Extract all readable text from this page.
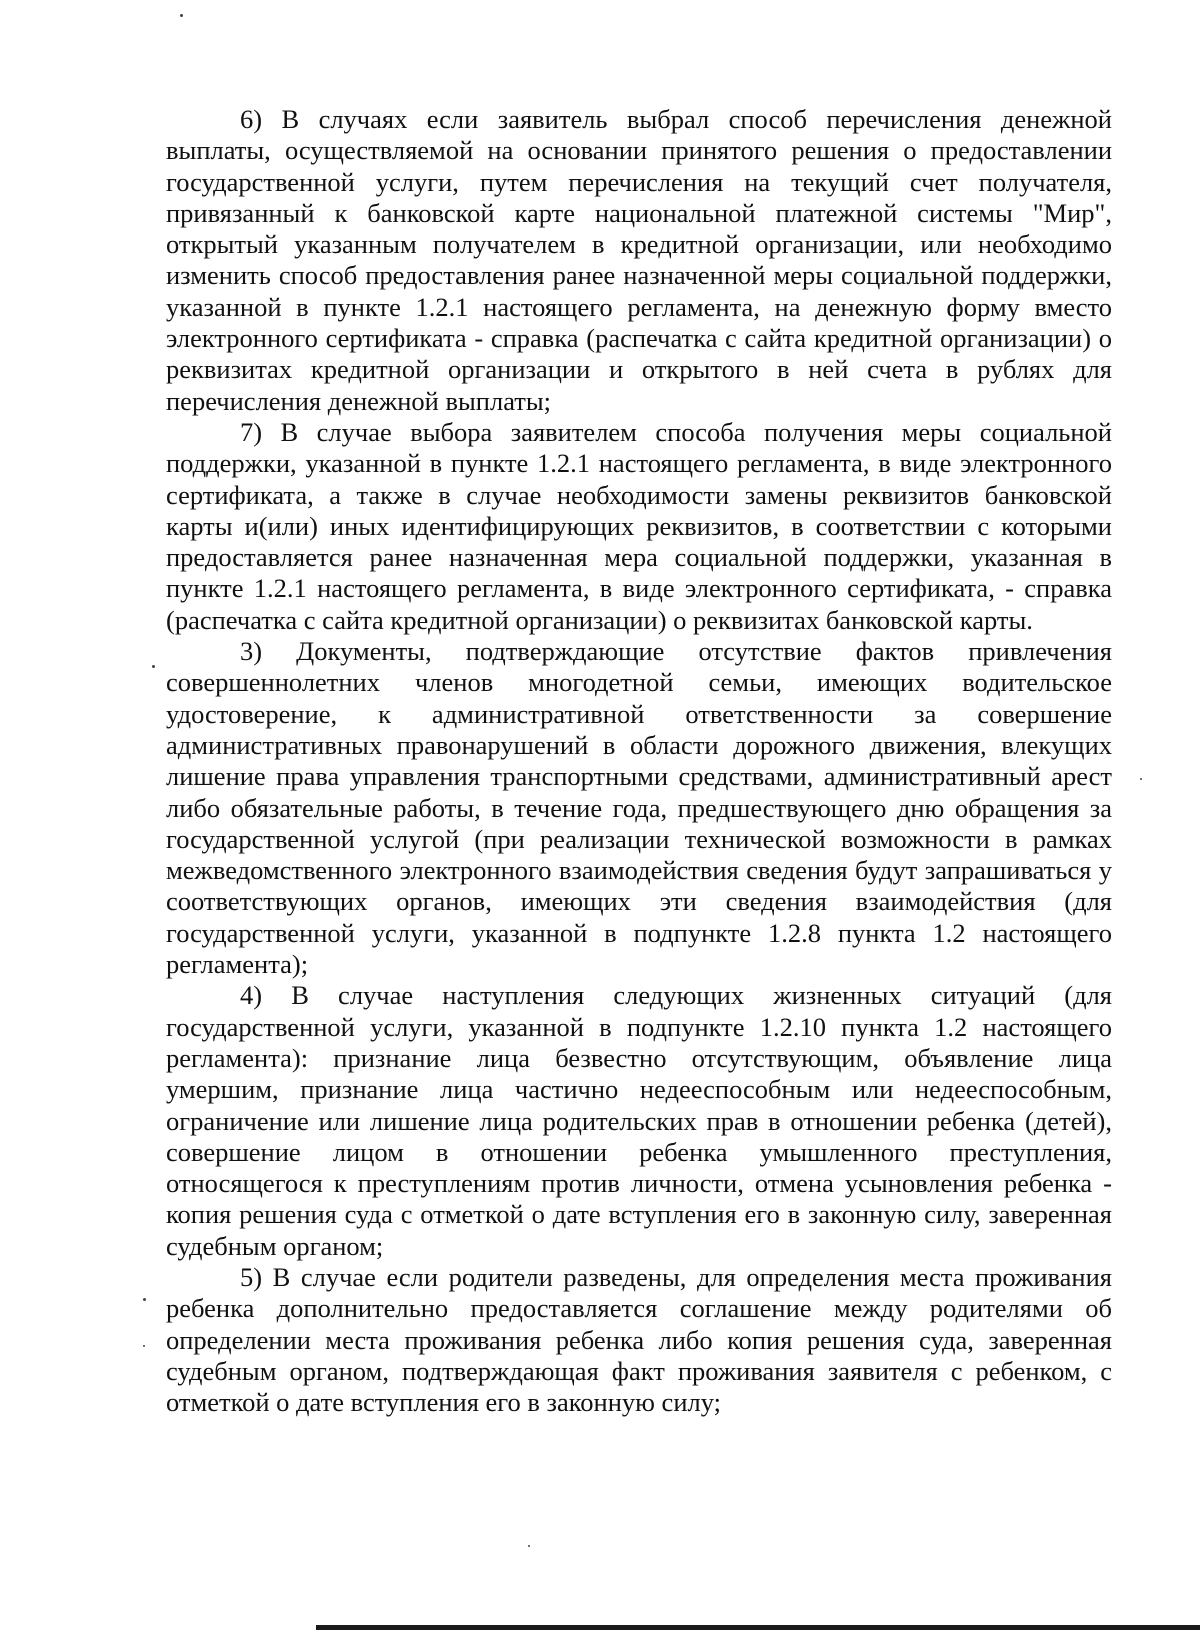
6) В случаях если заявитель выбрал способ перечисления денежной выплаты, осуществляемой на основании принятого решения о предоставлении государственной услуги, путем перечисления на текущий счет получателя, привязанный к банковской карте национальной платежной системы "Мир", открытый указанным получателем в кредитной организации, или необходимо изменить способ предоставления ранее назначенной меры социальной поддержки, указанной в пункте 1.2.1 настоящего регламента, на денежную форму вместо электронного сертификата - справка (распечатка с сайта кредитной организации) о реквизитах кредитной организации и открытого в ней счета в рублях для перечисления денежной выплаты;

7) В случае выбора заявителем способа получения меры социальной поддержки, указанной в пункте 1.2.1 настоящего регламента, в виде электронного сертификата, а также в случае необходимости замены реквизитов банковской карты и(или) иных идентифицирующих реквизитов, в соответствии с которыми предоставляется ранее назначенная мера социальной поддержки, указанная в пункте 1.2.1 настоящего регламента, в виде электронного сертификата, - справка (распечатка с сайта кредитной организации) о реквизитах банковской карты.

3) Документы, подтверждающие отсутствие фактов привлечения совершеннолетних членов многодетной семьи, имеющих водительское удостоверение, к административной ответственности за совершение административных правонарушений в области дорожного движения, влекущих лишение права управления транспортными средствами, административный арест либо обязательные работы, в течение года, предшествующего дню обращения за государственной услугой (при реализации технической возможности в рамках межведомственного электронного взаимодействия сведения будут запрашиваться у соответствующих органов, имеющих эти сведения взаимодействия (для государственной услуги, указанной в подпункте 1.2.8 пункта 1.2 настоящего регламента);

4) В случае наступления следующих жизненных ситуаций (для государственной услуги, указанной в подпункте 1.2.10 пункта 1.2 настоящего регламента): признание лица безвестно отсутствующим, объявление лица умершим, признание лица частично недееспособным или недееспособным, ограничение или лишение лица родительских прав в отношении ребенка (детей), совершение лицом в отношении ребенка умышленного преступления, относящегося к преступлениям против личности, отмена усыновления ребенка - копия решения суда с отметкой о дате вступления его в законную силу, заверенная судебным органом;

5) В случае если родители разведены, для определения места проживания ребенка дополнительно предоставляется соглашение между родителями об определении места проживания ребенка либо копия решения суда, заверенная судебным органом, подтверждающая факт проживания заявителя с ребенком, с отметкой о дате вступления его в законную силу;
